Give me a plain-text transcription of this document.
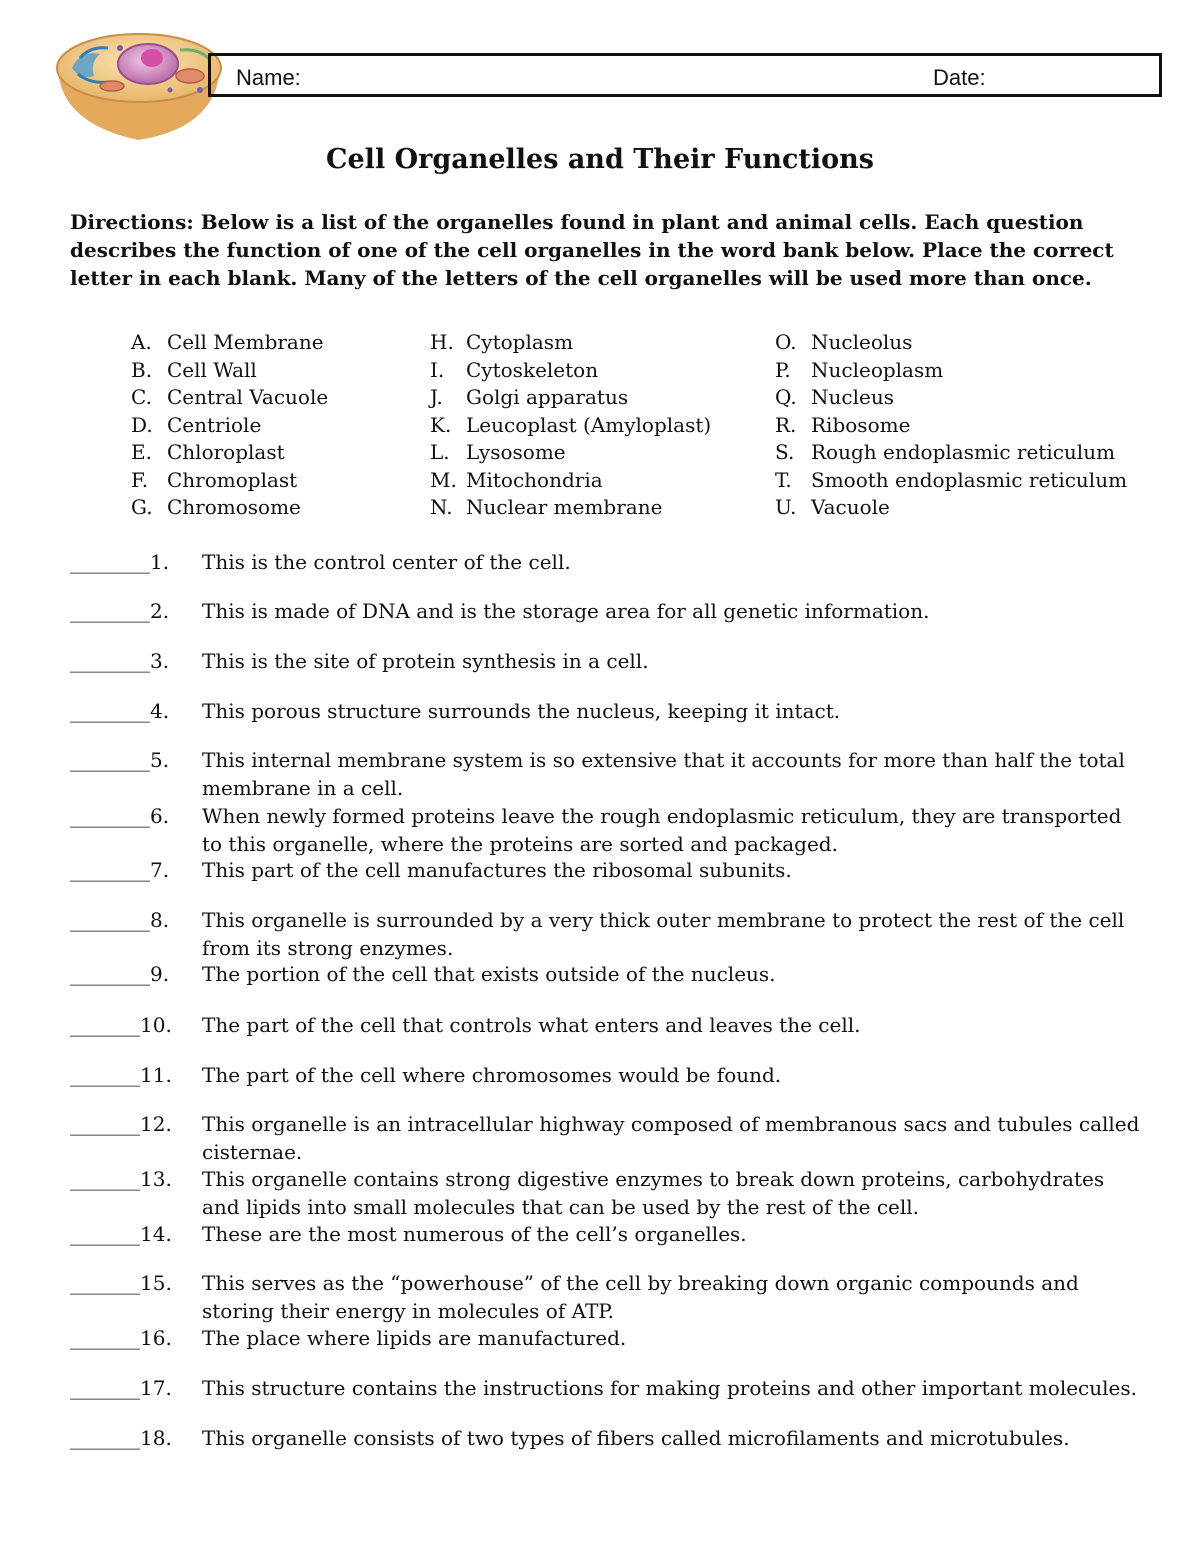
Name:	Date:
Cell Organelles and Their Functions
Directions: Below is a list of the organelles found in plant and animal cells. Each question describes the function of one of the cell organelles in the word bank below. Place the correct letter in each blank. Many of the letters of the cell organelles will be used more than once.
A. Cell Membrane
B. Cell Wall
C. Central Vacuole
D. Centriole
E. Chloroplast
F. Chromoplast
G. Chromosome
H. Cytoplasm
I.	Cytoskeleton
J.	Golgi apparatus
K. Leucoplast (Amyloplast)
L. Lysosome
M. Mitochondria
N. Nuclear membrane
O. Nucleolus
P.	Nucleoplasm
Q. Nucleus
R. Ribosome
S. Rough endoplasmic reticulum
T. Smooth endoplasmic reticulum
U. Vacuole
________1.	This is the control center of the cell.
________2.	This is made of DNA and is the storage area for all genetic information.
________3.	This is the site of protein synthesis in a cell.
________4.	This porous structure surrounds the nucleus, keeping it intact.
________5.	This internal membrane system is so extensive that it accounts for more than half the total membrane in a cell.
________6.	When newly formed proteins leave the rough endoplasmic reticulum, they are transported to this organelle, where the proteins are sorted and packaged.
________7.	This part of the cell manufactures the ribosomal subunits.
________8.	This organelle is surrounded by a very thick outer membrane to protect the rest of the cell from its strong enzymes.
________9.	The portion of the cell that exists outside of the nucleus.
_______10.	The part of the cell that controls what enters and leaves the cell.
_______11.	The part of the cell where chromosomes would be found.
_______12.	This organelle is an intracellular highway composed of membranous sacs and tubules called cisternae.
_______13.	This organelle contains strong digestive enzymes to break down proteins, carbohydrates and lipids into small molecules that can be used by the rest of the cell.
_______14.	These are the most numerous of the cell’s organelles.
_______15.	This serves as the “powerhouse” of the cell by breaking down organic compounds and storing their energy in molecules of ATP.
_______16.	The place where lipids are manufactured.
_______17.	This structure contains the instructions for making proteins and other important molecules.
_______18.	This organelle consists of two types of fibers called microfilaments and microtubules.
